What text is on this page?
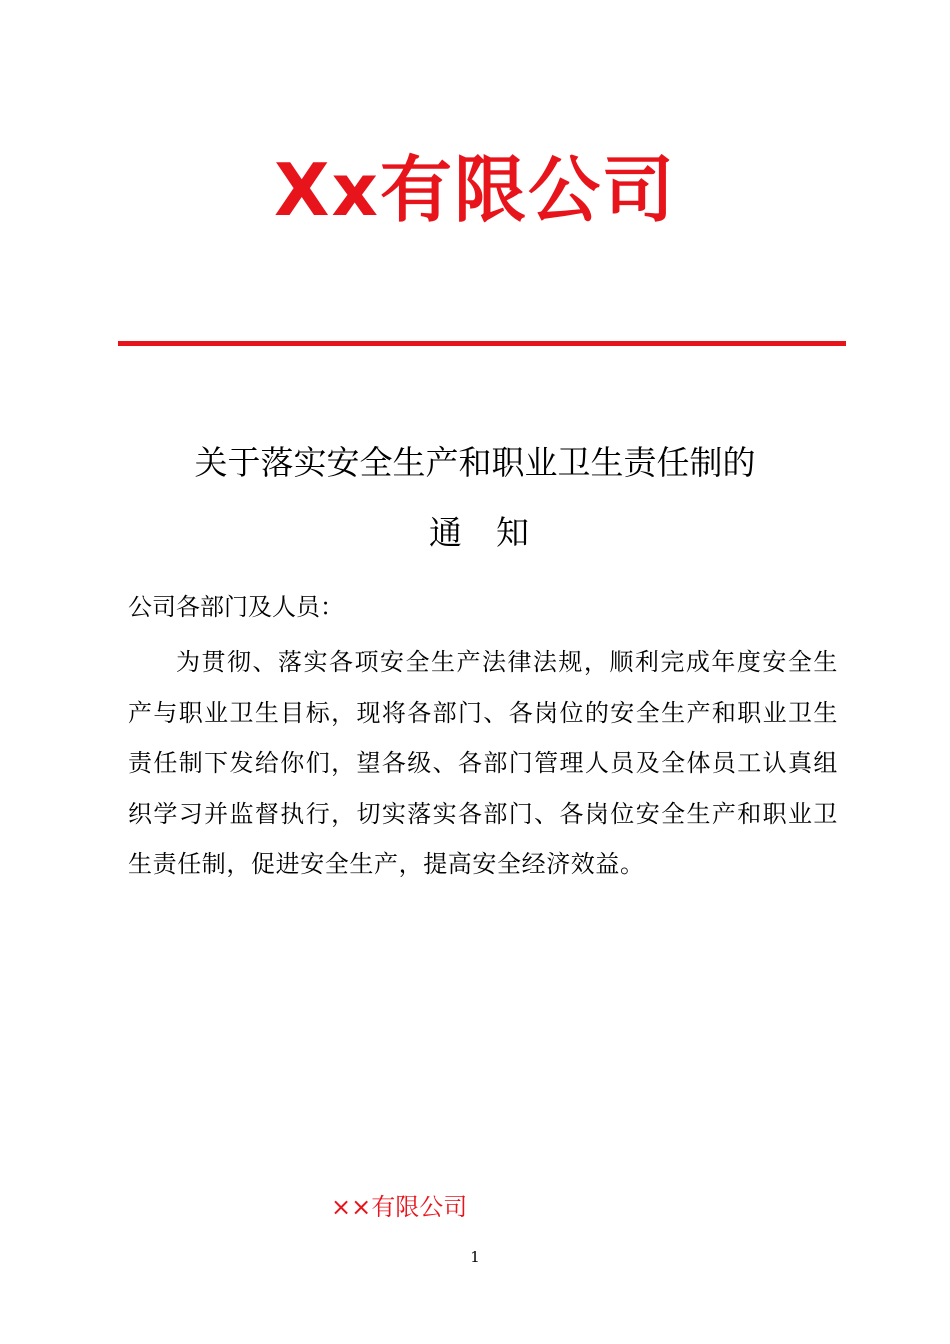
Xx有限公司
关于落实安全生产和职业卫生责任制的
通 知
公司各部门及人员：
为贯彻、落实各项安全生产法律法规，顺利完成年度安全生产与职业卫生目标，现将各部门、各岗位的安全生产和职业卫生责任制下发给你们，望各级、各部门管理人员及全体员工认真组织学习并监督执行，切实落实各部门、各岗位安全生产和职业卫生责任制，促进安全生产，提高安全经济效益。
××有限公司
1
